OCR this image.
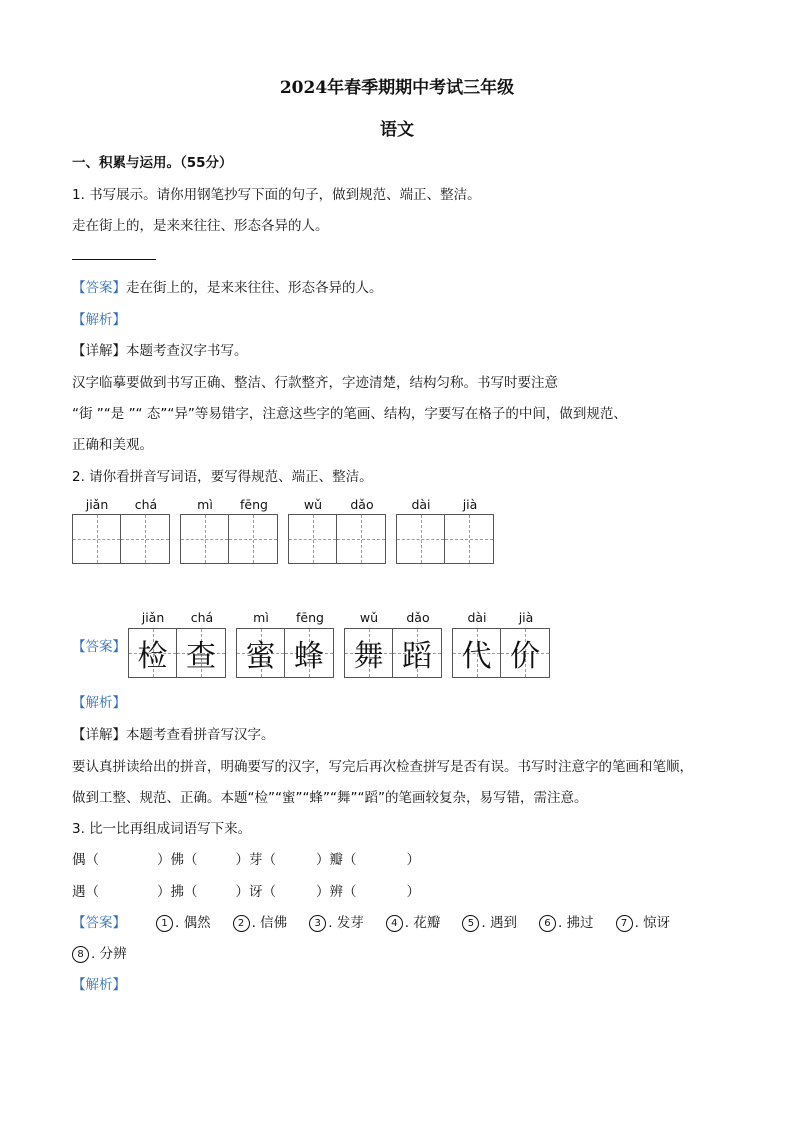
2024年春季期期中考试三年级
语文
一、积累与运用。（55分）
1. 书写展示。请你用钢笔抄写下面的句子，做到规范、端正、整洁。
走在街上的，是来来往往、形态各异的人。
【答案】走在街上的，是来来往往、形态各异的人。
【解析】
【详解】本题考查汉字书写。
汉字临摹要做到书写正确、整洁、行款整齐，字迹清楚，结构匀称。书写时要注意
“街 ”“是 ”“ 态”“异”等易错字，注意这些字的笔画、结构，字要写在格子的中间，做到规范、
正确和美观。
2. 请你看拼音写词语，要写得规范、端正、整洁。
jiǎn	chá	mì	fēng	wǔ	dǎo	dài	jià
【答案】
jiǎn	chá	mì	fēng	wǔ	dǎo	dài	jià
检 查 蜜 蜂 舞 蹈 代 价
【解析】
【详解】本题考查看拼音写汉字。
要认真拼读给出的拼音，明确要写的汉字，写完后再次检查拼写是否有误。书写时注意字的笔画和笔顺，
做到工整、规范、正确。本题“检”“蜜”“蜂”“舞”“蹈”的笔画较复杂，易写错，需注意。
3. 比一比再组成词语写下来。
偶（	）佛（	）芽（	）瓣（	）
遇（	）拂（	）讶（	）辨（	）
【答案】	1 . 偶然	2 . 信佛	3 . 发芽	4 . 花瓣	5 . 遇到	6 . 拂过	7 . 惊讶
8 . 分辨
【解析】
